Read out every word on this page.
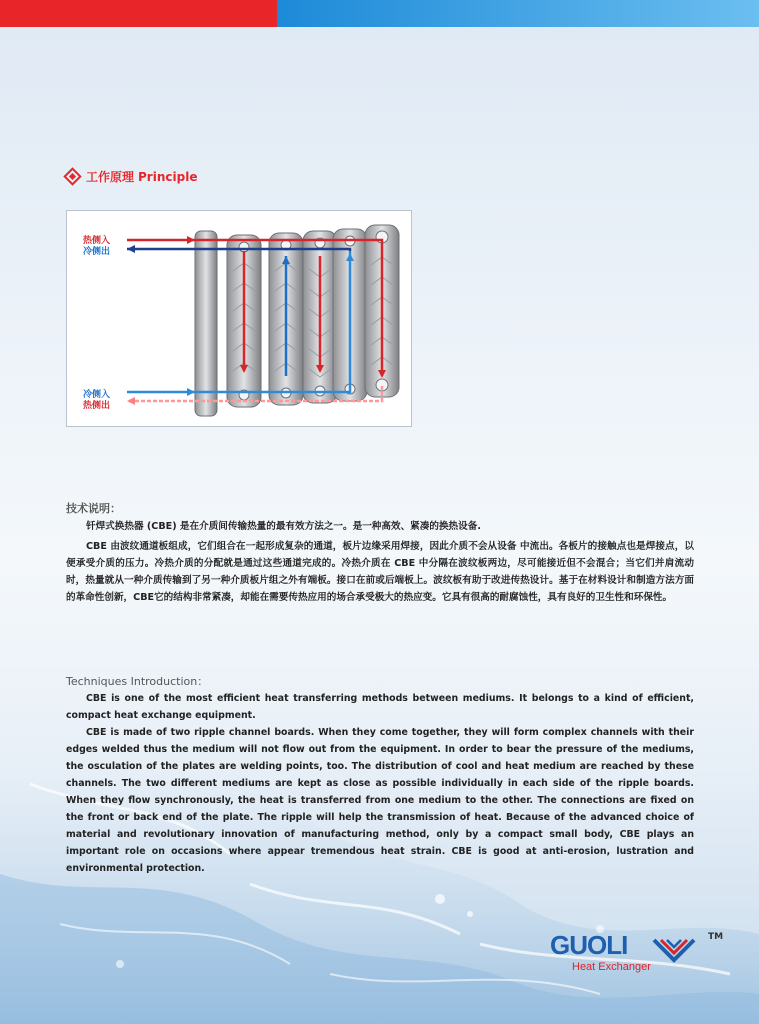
工作原理 Principle
热侧入
冷侧出
冷侧入
热侧出
技术说明：
钎焊式换热器 (CBE) 是在介质间传输热量的最有效方法之一。是一种高效、紧凑的换热设备.
CBE 由波纹通道板组成，它们组合在一起形成复杂的通道，板片边缘采用焊接，因此介质不会从设备 中流出。各板片的接触点也是焊接点，以便承受介质的压力。冷热介质的分配就是通过这些通道完成的。冷热介质在 CBE 中分隔在波纹板两边，尽可能接近但不会混合；当它们并肩流动时，热量就从一种介质传输到了另一种介质板片组之外有端板。接口在前或后端板上。波纹板有助于改进传热设计。基于在材料设计和制造方法方面的革命性创新，CBE它的结构非常紧凑，却能在需要传热应用的场合承受极大的热应变。它具有很高的耐腐蚀性，具有良好的卫生性和环保性。
Techniques Introduction：
CBE is one of the most efficient heat transferring methods between mediums. It belongs to a kind of efficient, compact heat exchange equipment.
CBE is made of two ripple channel boards. When they come together, they will form complex channels with their edges welded thus the medium will not flow out from the equipment. In order to bear the pressure of the mediums, the osculation of the plates are welding points, too. The distribution of cool and heat medium are reached by these channels. The two different mediums are kept as close as possible individually in each side of the ripple boards. When they flow synchronously, the heat is transferred from one medium to the other. The connections are fixed on the front or back end of the plate. The ripple will help the transmission of heat. Because of the advanced choice of material and revolutionary innovation of manufacturing method, only by a compact small body, CBE plays an important role on occasions where appear tremendous heat strain. CBE is good at anti-erosion, lustration and environmental protection.
GUOLI	TM
Heat Exchanger
